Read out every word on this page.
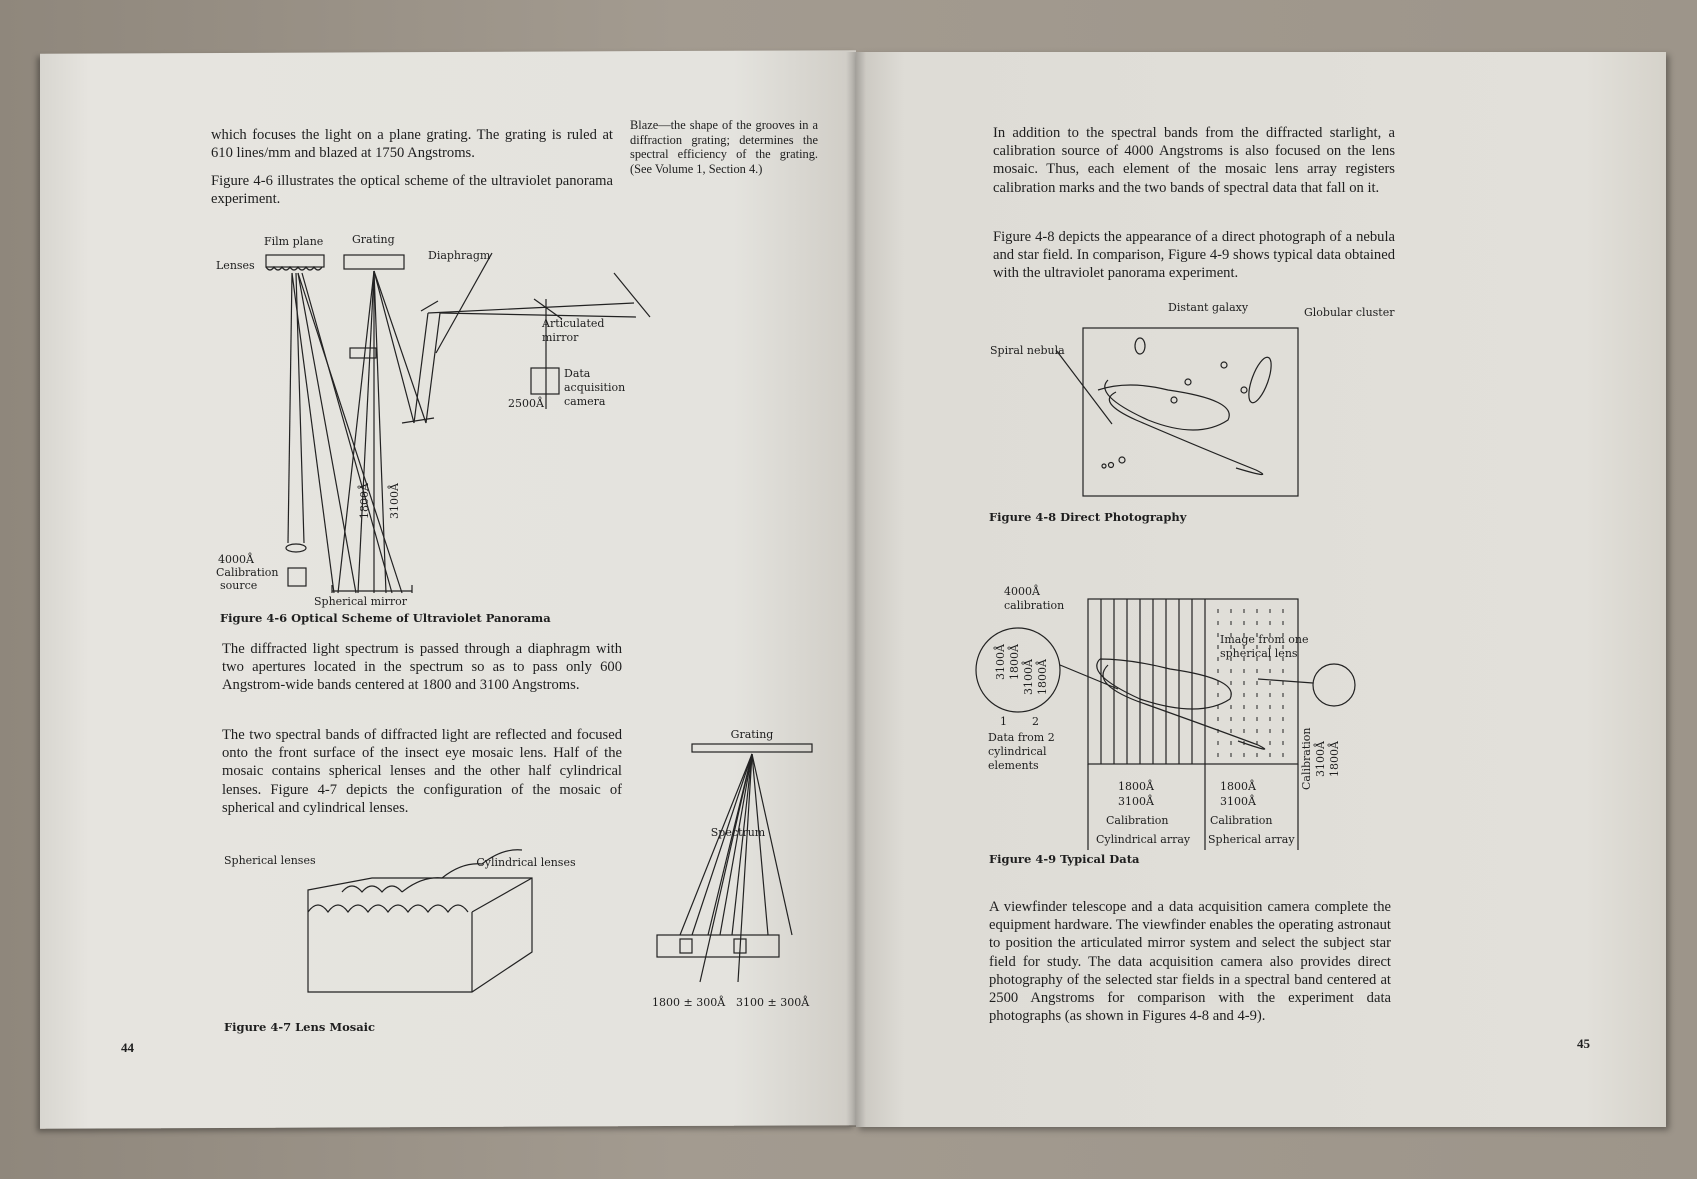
which focuses the light on a plane grating. The grating is ruled at 610 lines/mm and blazed at 1750 Angstroms.
Blaze—the shape of the grooves in a diffraction grating; determines the spectral efficiency of the grating. (See Volume 1, Section 4.)
Figure 4-6 illustrates the optical scheme of the ultraviolet panorama experiment.
Film plane	Grating
Lenses
Diaphragm
Articulated
mirror
Data
acquisition
camera
2500Å
1800Å 3100Å
4000Å
Calibration
source
Spherical mirror
Figure 4-6 Optical Scheme of Ultraviolet Panorama
The diffracted light spectrum is passed through a diaphragm with two apertures located in the spectrum so as to pass only 600 Angstrom-wide bands centered at 1800 and 3100 Angstroms.
The two spectral bands of diffracted light are reflected and focused onto the front surface of the insect eye mosaic lens. Half of the mosaic contains spherical lenses and the other half cylindrical lenses. Figure 4-7 depicts the configuration of the mosaic of spherical and cylindrical lenses.
Spherical lenses	Cylindrical lenses
Figure 4-7 Lens Mosaic
Grating
Spectrum
1800 ± 300Å 3100 ± 300Å
44
In addition to the spectral bands from the diffracted starlight, a calibration source of 4000 Angstroms is also focused on the lens mosaic. Thus, each element of the mosaic lens array registers calibration marks and the two bands of spectral data that fall on it.
Figure 4-8 depicts the appearance of a direct photograph of a nebula and star field. In comparison, Figure 4-9 shows typical data obtained with the ultraviolet panorama experiment.
Distant galaxy	Globular cluster
Spiral nebula
Figure 4-8 Direct Photography
4000Å
calibration
3100Å 1800Å 3100Å 1800Å
1 2
Data from 2
cylindrical
elements
Image from one
spherical lens
Calibration 3100Å 1800Å
1800Å
3100Å
Calibration
1800Å
3100Å
Calibration
Cylindrical array Spherical array
Figure 4-9 Typical Data
A viewfinder telescope and a data acquisition camera complete the equipment hardware. The viewfinder enables the operating astronaut to position the articulated mirror system and select the subject star field for study. The data acquisition camera also provides direct photography of the selected star fields in a spectral band centered at 2500 Angstroms for comparison with the experiment data photographs (as shown in Figures 4-8 and 4-9).
45
